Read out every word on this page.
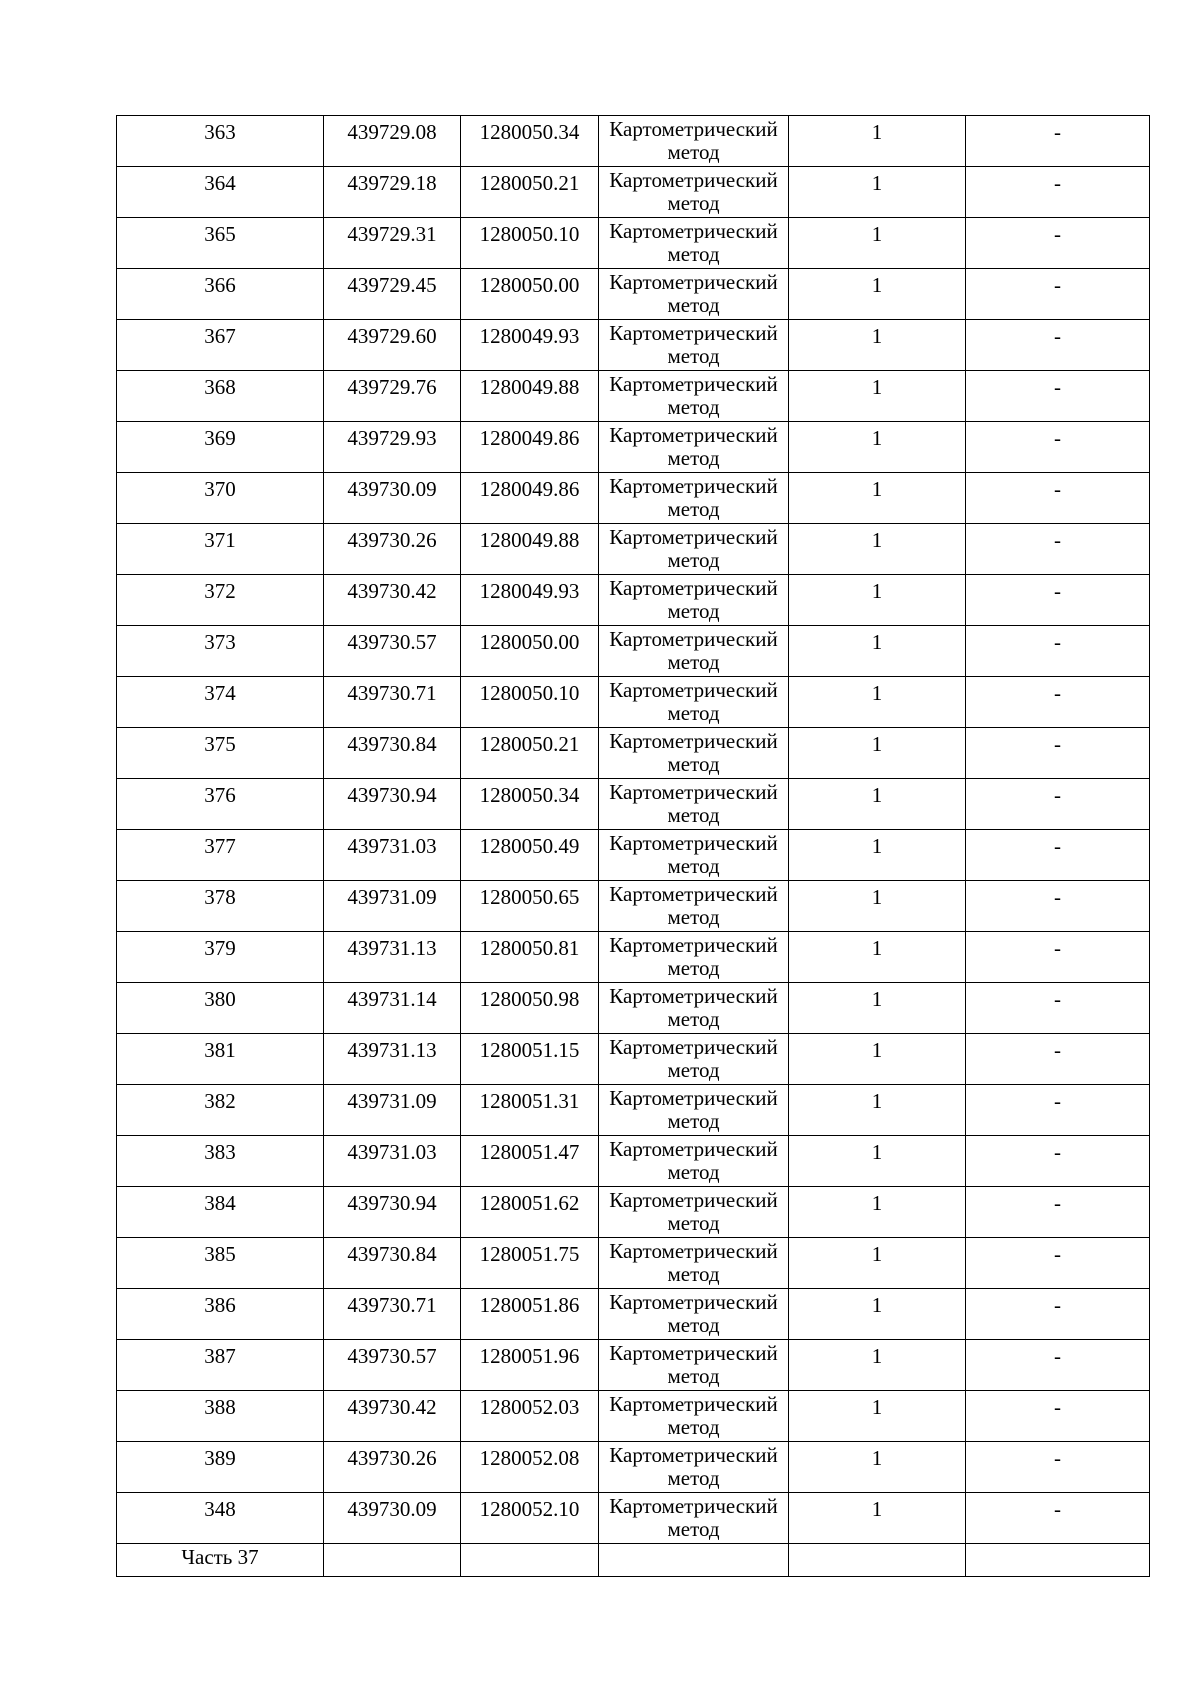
363	439729.08	1280050.34	Картометрический
метод	1	-
364	439729.18	1280050.21	Картометрический
метод	1	-
365	439729.31	1280050.10	Картометрический
метод	1	-
366	439729.45	1280050.00	Картометрический
метод	1	-
367	439729.60	1280049.93	Картометрический
метод	1	-
368	439729.76	1280049.88	Картометрический
метод	1	-
369	439729.93	1280049.86	Картометрический
метод	1	-
370	439730.09	1280049.86	Картометрический
метод	1	-
371	439730.26	1280049.88	Картометрический
метод	1	-
372	439730.42	1280049.93	Картометрический
метод	1	-
373	439730.57	1280050.00	Картометрический
метод	1	-
374	439730.71	1280050.10	Картометрический
метод	1	-
375	439730.84	1280050.21	Картометрический
метод	1	-
376	439730.94	1280050.34	Картометрический
метод	1	-
377	439731.03	1280050.49	Картометрический
метод	1	-
378	439731.09	1280050.65	Картометрический
метод	1	-
379	439731.13	1280050.81	Картометрический
метод	1	-
380	439731.14	1280050.98	Картометрический
метод	1	-
381	439731.13	1280051.15	Картометрический
метод	1	-
382	439731.09	1280051.31	Картометрический
метод	1	-
383	439731.03	1280051.47	Картометрический
метод	1	-
384	439730.94	1280051.62	Картометрический
метод	1	-
385	439730.84	1280051.75	Картометрический
метод	1	-
386	439730.71	1280051.86	Картометрический
метод	1	-
387	439730.57	1280051.96	Картометрический
метод	1	-
388	439730.42	1280052.03	Картометрический
метод	1	-
389	439730.26	1280052.08	Картометрический
метод	1	-
348	439730.09	1280052.10	Картометрический
метод	1	-
Часть 37					
